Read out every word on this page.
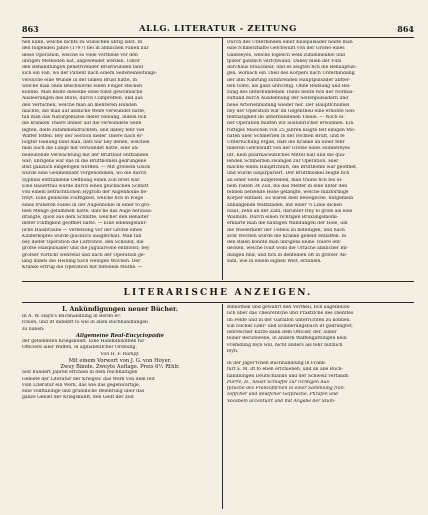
863	ALLG. LITERATUR - ZEITUNG	864
hen kann, welche nichts zu wünschen übrig läfst. In
den folgenden Jahre (1797) fiel in ähnlichen Fällen nur
diese Operation, welche so viele Vortheile vor den
übrigen Methoden hat, angewendet werden. Unter
den Behandlungen penetrirender Brustwunden fand
sich ein Fall, wo der Patient nach einem Selbsteinleitungs-
versuche eine Wunde in der linken Brust hatte, in
welche man ohne Beschwerde einen Finger stecken
konnte. Man heilte dieselbe ohne fonst gewöhnliche
Ausleerungen des Bluts, durch Compreffen, und aus
den Verfuchen, welche man an mehreren Hunden
machte, die man auf ähnliche Weife verwundet hatte,
fah man das Naturgemäfse diefer Heilung, indem fich
die kranken Thiere immer auf die verwundete Seite
legten, diefe zufammendrückten, und dabey fehr viel
Waffer foffen. Bey der Section diefer Thiere nach er-
folgter Heilung fand man, dafs nur bey denen, welchen
man auch die Lunge mit verwundet hatte, eine un-
bedeutende Verwachfung mit der Bruftfaut entftanden
war; übrigens war das in die Bruftböhlen gedrungene
Blut gänzlich eingefogen worden. — Mit grofsem Glück
wurde eine Geumennaht vorgenommen, wo die durch
Syphilis entftandene Oeffnung einen Zoll breit war.
Eine Bauerfrau wurde durch einen glücklichen Schnitt
von einem beträchtlichen Hygrom der Augenhöhle be-
freyt. Eine gelbliche Flüffigkeit, welche fich in Folge
eines früheren Falles in der Augenhöhle in einer fo gro-
fsen Menge gefammelt hatte, dafs fie das Auge herausa-
drängte, quoll aus dem Schnitte, welcher den Behälter
diefer Flüffigkeit geöffnet hatte. — Eine lebensgefähr-
liche Halsbräune — Verletzung vor der Gröfse eines
Kinderkopfes wurde glücklich ausgefchält. Man fah
bey diefer Operation die Luftröhre, den Schlund, die
grofse Halspulsader und die Jugularvene entblöfst; bey
grofser Vorficht wehrend und nach der Operation ge-
lang indefs die Heilung nach wenigen Wochen. Der
Kranke ertrug die Operation mit feltenem Muthe. —
Durch des Unterbinden einer Kniepulsader heilte man
eine fchmerzhafte Gefchwulft von der Gröfse eines
Gänfeeyes, welche fogleich welk zufammenfiel und
fpäter gänzlich verfchwand. Dabey blieb der Fufs
durchaus brauchbar, und es zeigten fich die Behauptun-
gen, womach ein Theil des Körpers nach Unterbindung
der ihm Nahrung zuführenden Hauptpulsader abfter-
ben follte, als ganz unrichtig. Ohne Reifsung und Rei-
zung des unterbundenen Theils heilte fich der Normal-
zuftand durch Ausdehnung der Seitenpulsadern und
neue Arterienbildung wieder her. Der Hauptfchlufsel
bey der Operation war im Gegentheil eine erhöhte Sen-
fenthätigkeit im unterbundenen Theile. — Noch ei-
ner Operation müffen wir ausführlicher erwähnen. Ein
rüftiges Mädchen von 25 Jahren klagte feit einigen Mo-
naten über Schmerzen in der rechten Bruft, und fe
Unterfuchung ergab, dafs die Kranke an einer fehr
inneren Gefchwulft von der Gröfse eines Hühnereyes
litt. Kein pharmaceutifches Mittel half und die quä-
lenden Schmerzen zwangen zur Operation. Hier
machte einen Hauptfchnitt, die Bruftböhle war geöffnet,
und wurde luxpirpariert. Der Bruftmuskel zeigte fich
an einer Seite aufgerieben, man traute fich bei ei-
nem Falten 34 Zoll, bis das Meffer in eine unter den
fehnen liefsende Höhe gelangte, welche milzförmige
Körper enthielt. Es waren dieß bewegliche, mitgemein
anhangende Waffafaden, mit einer ½ Linie dicken
Haut, zehn an der Zahl, darunter frey fo grofs als eine
Wallnufs. Durch einen richtigen Bruxungsmomi-
erklärte man die häutigen Wandungen der Höle, um
die Wiederkehr der Uebels zu befeitigen, und nach
acht Wochen wurde die Kranke geheilt entlaffen. In
den Bälen konnte man übrigens keine Thiere ent-
decken, welche foult wohl die Urfache ähnlicher Bil-
dungen find, und fich in denfelben oft in grofser An-
zahl, wie in einem eignen Welt, erzählen.
LITERARISCHE ANZEIGEN.
I. Ankündigungen neuer Bücher.
In A. W. Hayn's Buchhandlung in Berlin er-
fchien, und ift dafelbft fo wie in allen Buchhandlungen
zu haben:
Allgemeine Real-Encyclopädie
der gefammten Kriegskunft. Eine Handbibliothek für
Officiere aller Waffen, in alphabetifcher Ordnung.
Von H. F. Rumpf.
Mit einem Vorwort von J. G. von Hoyer.
Zwey Bände. Zweyte Auflage. Preis 6½ Rthlr.
Seit hundert Jahren erfchien in dem reichhaltigen
Gebiete der Literatur der Kriegsw. das Werk von dem feit
vom Literatur ein Werk, das wie das gegenwärtige,
eine vollftändige und gründliche Belehrung über das
ganze Gebiet der Kriegskunft, den Geift der Zeit
Bibliothek und gewährt den Vortheil, fich augenblick-
lich über das Theoretifche und Praktifche des Dienftes
im Felde und in der Garnifon unterrichten zu können.
Ein folches Lehr- und Erinnerungsbuch ift gedrängter,
lehrreicher Kürze kann dem Officier, der, außer
feiner Berufswelle, in andern Waffengattungen kein
Fremdling feyn will, nicht anders als fehr nützlich
feyn.
In der Jäger'fchen Buchhandlung in Frank-
furt a. M. ift fo eben erfchienen, und an alle Buch-
handlungen Deutschlands und der Schweiz verfandt:
Pierre, H., neuer Schlüffel zur richtigen Aus-
fprache des Franzöfifchen in einer Sammlung fran-
zöfifcher und deutfcher Gefpräche, Phrafen und
Vocabeln accentuirt und mit Angabe der Stum-
